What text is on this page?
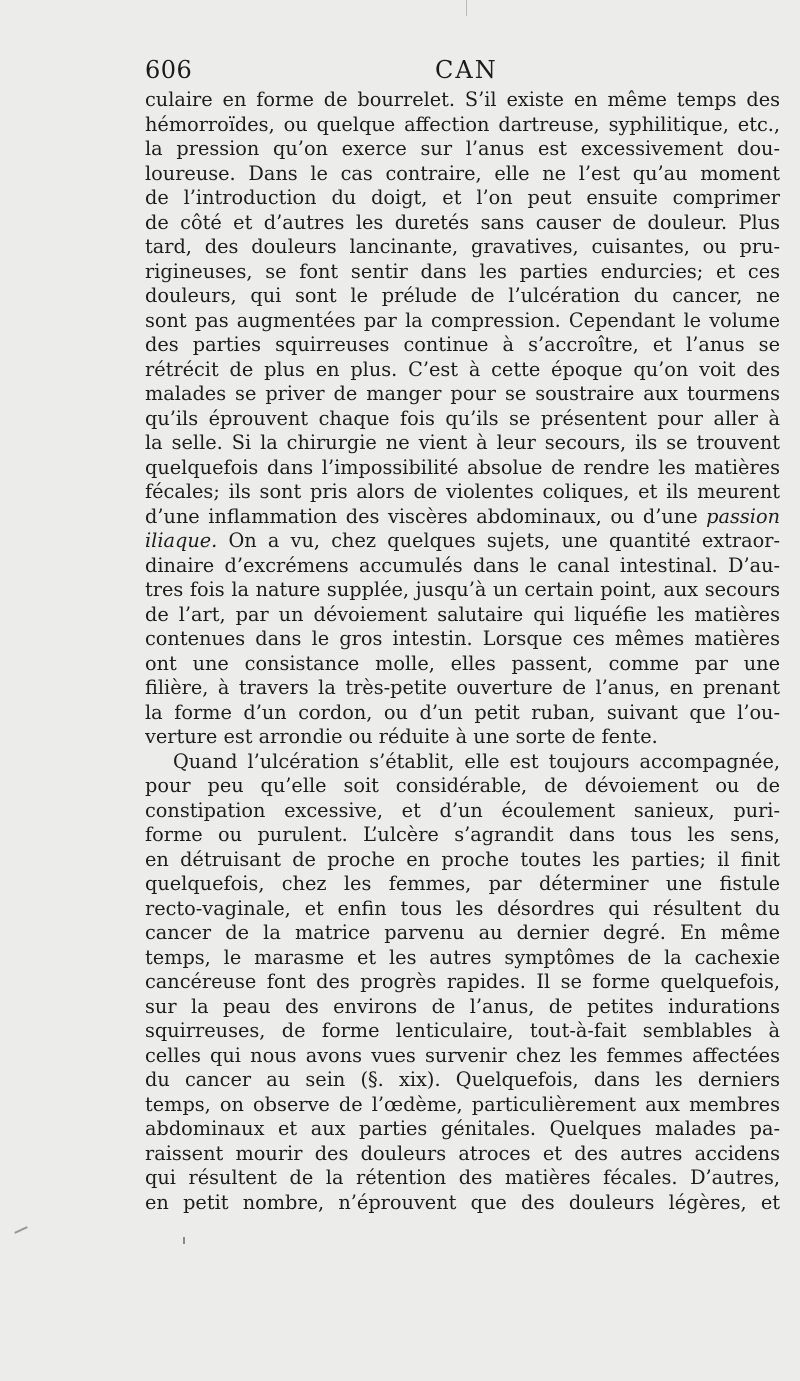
606	CAN
culaire en forme de bourrelet. S’il existe en même temps des
hémorroïdes, ou quelque affection dartreuse, syphilitique, etc.,
la pression qu’on exerce sur l’anus est excessivement dou-
loureuse. Dans le cas contraire, elle ne l’est qu’au moment
de l’introduction du doigt, et l’on peut ensuite comprimer
de côté et d’autres les duretés sans causer de douleur. Plus
tard, des douleurs lancinante, gravatives, cuisantes, ou pru-
rigineuses, se font sentir dans les parties endurcies; et ces
douleurs, qui sont le prélude de l’ulcération du cancer, ne
sont pas augmentées par la compression. Cependant le volume
des parties squirreuses continue à s’accroître, et l’anus se
rétrécit de plus en plus. C’est à cette époque qu’on voit des
malades se priver de manger pour se soustraire aux tourmens
qu’ils éprouvent chaque fois qu’ils se présentent pour aller à
la selle. Si la chirurgie ne vient à leur secours, ils se trouvent
quelquefois dans l’impossibilité absolue de rendre les matières
fécales; ils sont pris alors de violentes coliques, et ils meurent
d’une inflammation des viscères abdominaux, ou d’une passion
iliaque. On a vu, chez quelques sujets, une quantité extraor-
dinaire d’excrémens accumulés dans le canal intestinal. D’au-
tres fois la nature supplée, jusqu’à un certain point, aux secours
de l’art, par un dévoiement salutaire qui liquéfie les matières
contenues dans le gros intestin. Lorsque ces mêmes matières
ont une consistance molle, elles passent, comme par une
filière, à travers la très-petite ouverture de l’anus, en prenant
la forme d’un cordon, ou d’un petit ruban, suivant que l’ou-
verture est arrondie ou réduite à une sorte de fente.
Quand l’ulcération s’établit, elle est toujours accompagnée,
pour peu qu’elle soit considérable, de dévoiement ou de
constipation excessive, et d’un écoulement sanieux, puri-
forme ou purulent. L’ulcère s’agrandit dans tous les sens,
en détruisant de proche en proche toutes les parties; il finit
quelquefois, chez les femmes, par déterminer une fistule
recto-vaginale, et enfin tous les désordres qui résultent du
cancer de la matrice parvenu au dernier degré. En même
temps, le marasme et les autres symptômes de la cachexie
cancéreuse font des progrès rapides. Il se forme quelquefois,
sur la peau des environs de l’anus, de petites indurations
squirreuses, de forme lenticulaire, tout-à-fait semblables à
celles qui nous avons vues survenir chez les femmes affectées
du cancer au sein (§. xix). Quelquefois, dans les derniers
temps, on observe de l’œdème, particulièrement aux membres
abdominaux et aux parties génitales. Quelques malades pa-
raissent mourir des douleurs atroces et des autres accidens
qui résultent de la rétention des matières fécales. D’autres,
en petit nombre, n’éprouvent que des douleurs légères, et
